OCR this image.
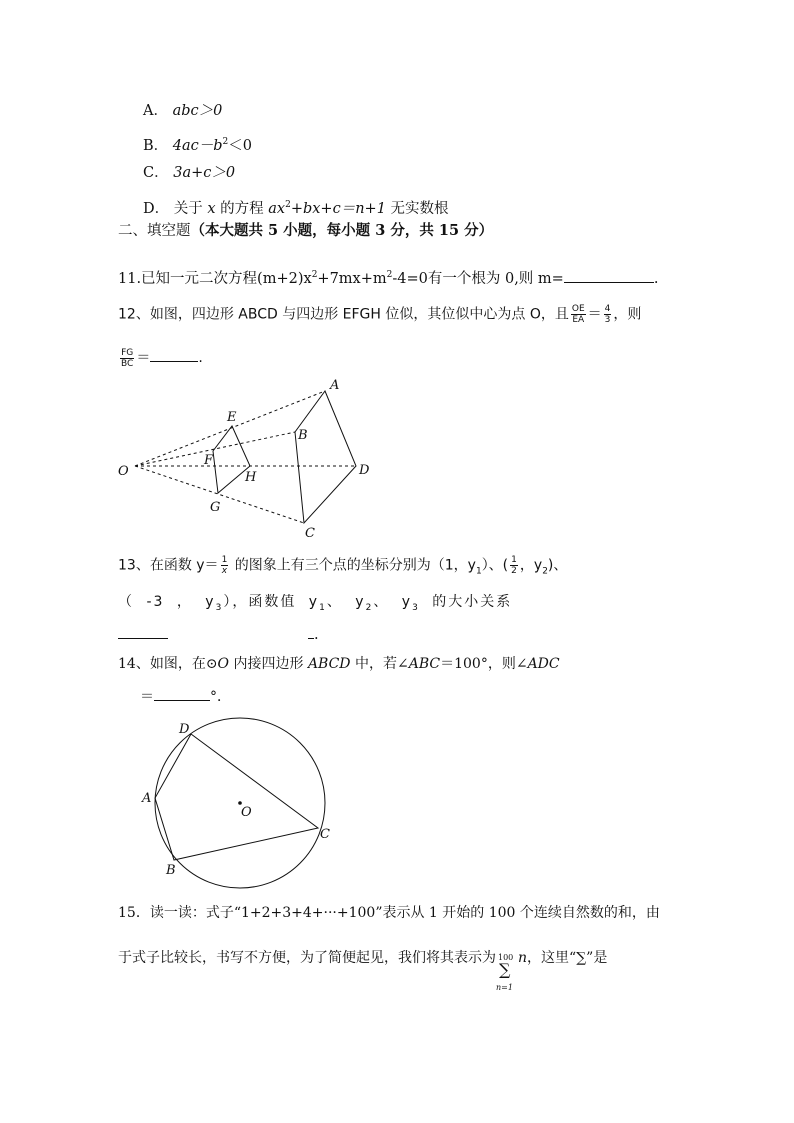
A． abc＞0
B． $4ac-b^2<0$
C． 3a+c＞0
D． 关于 x 的方程 $ax^2+bx+c=n+1$ 无实数根
二、填空题（本大题共 5 小题，每小题 3 分，共 15 分）
11.已知一元二次方程$(m+2)x^2+7mx+m^2-4=0$有一个根为 0,则 m=	.
12、如图，四边形 ABCD 与四边形 EFGH 位似，其位似中心为点 O，且 $\frac{OE}{EA} = \frac{4}{3}$ ，则
$\frac{FG}{BC}$ ＝	.
A
B
C
D
E
F
G
H
O
13、在函数 $y= \frac{1}{x}$ 的图象上有三个点的坐标分别为（1，$y_1$）、( $\frac{1}{2}$ ，$y_2$)、
（ -3 ， $y_3$），函数值 $y_1$、 $y_2$、 $y_3$ 的大小关系
.
14、如图，在⊙O 内接四边形 ABCD 中，若∠ABC＝100°，则∠ADC
＝	°．
D
A
B
C
O
15．读一读：式子“1+2+3+4+···+100”表示从 1 开始的 100 个连续自然数的和，由
于式子比较长，书写不方便，为了简便起见，我们将其表示为 100
∑
n=1
n，这里“∑”是
